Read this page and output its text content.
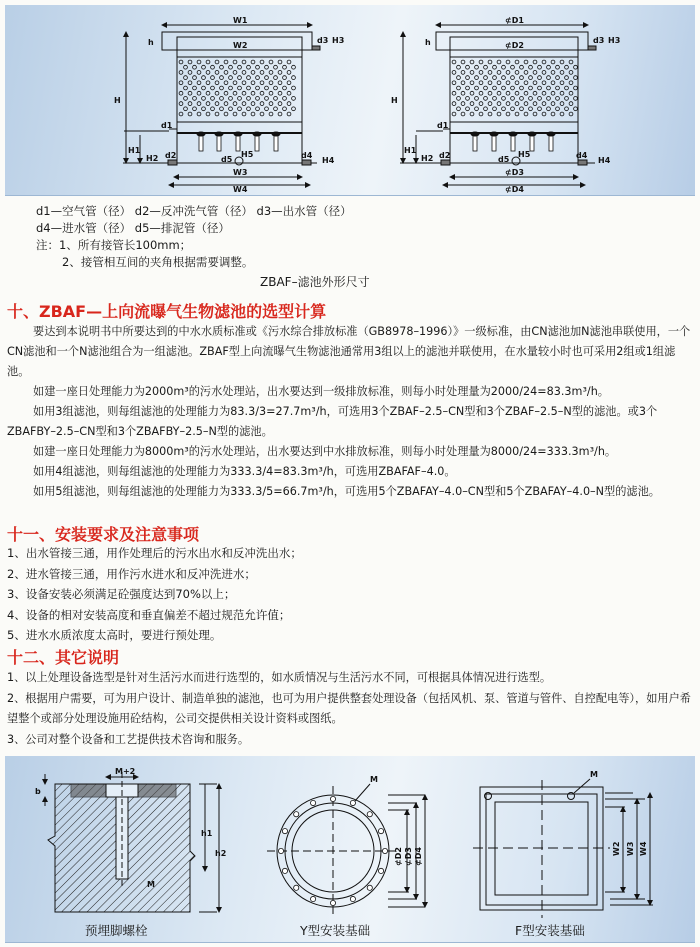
W1
W2
W3
W4
H
h
H1
H2
H3
H4
H5
d1
d2
d3
d4
d5
⊄D1
⊄D2
⊄D3
⊄D4
H
h
H1
H2
H3
H4
H5
d1
d2
d3
d4
d5
d1—空气管（径） d2—反冲洗气管（径） d3—出水管（径）
d4—进水管（径） d5—排泥管（径）
注：1、所有接管长100mm；
2、接管相互间的夹角根据需要调整。
ZBAF–滤池外形尺寸
十、ZBAF—上向流曝气生物滤池的选型计算

要达到本说明书中所要达到的中水水质标准或《污水综合排放标准（GB8978–1996）》一级标准，由CN滤池加N滤池串联使用，一个CN滤池和一个N滤池组合为一组滤池。ZBAF型上向流曝气生物滤池通常用3组以上的滤池并联使用，在水量较小时也可采用2组或1组滤池。

如建一座日处理能力为2000m³的污水处理站，出水要达到一级排放标准，则每小时处理量为2000/24=83.3m³/h。

如用3组滤池，则每组滤池的处理能力为83.3/3=27.7m³/h，可选用3个ZBAF–2.5–CN型和3个ZBAF–2.5–N型的滤池。或3个ZBAFBY–2.5–CN型和3个ZBAFBY–2.5–N型的滤池。

如建一座日处理能力为8000m³的污水处理站，出水要达到中水排放标准，则每小时处理量为8000/24=333.3m³/h。

如用4组滤池，则每组滤池的处理能力为333.3/4=83.3m³/h，可选用ZBAFAF–4.0。

如用5组滤池，则每组滤池的处理能力为333.3/5=66.7m³/h，可选用5个ZBAFAY–4.0–CN型和5个ZBAFAY–4.0–N型的滤池。

十一、安装要求及注意事项
1、出水管接三通，用作处理后的污水出水和反冲洗出水；
2、进水管接三通，用作污水进水和反冲洗进水；
3、设备安装必须满足砼强度达到70%以上；
4、设备的相对安装高度和垂直偏差不超过规范允许值；
5、进水水质浓度太高时，要进行预处理。
十二、其它说明
1、以上处理设备选型是针对生活污水而进行选型的，如水质情况与生活污水不同，可根据具体情况进行选型。
2、根据用户需要，可为用户设计、制造单独的滤池，也可为用户提供整套处理设备（包括风机、泵、管道与管件、自控配电等），如用户希望整个或部分处理设施用砼结构，公司交提供相关设计资料或图纸。
3、公司对整个设备和工艺提供技术咨询和服务。
M+2
b
h1
h2
M
M
⊄D2 ⊄D3 ⊄D4
M
W2 W3 W4
预埋脚螺栓	Y型安装基础	F型安装基础
